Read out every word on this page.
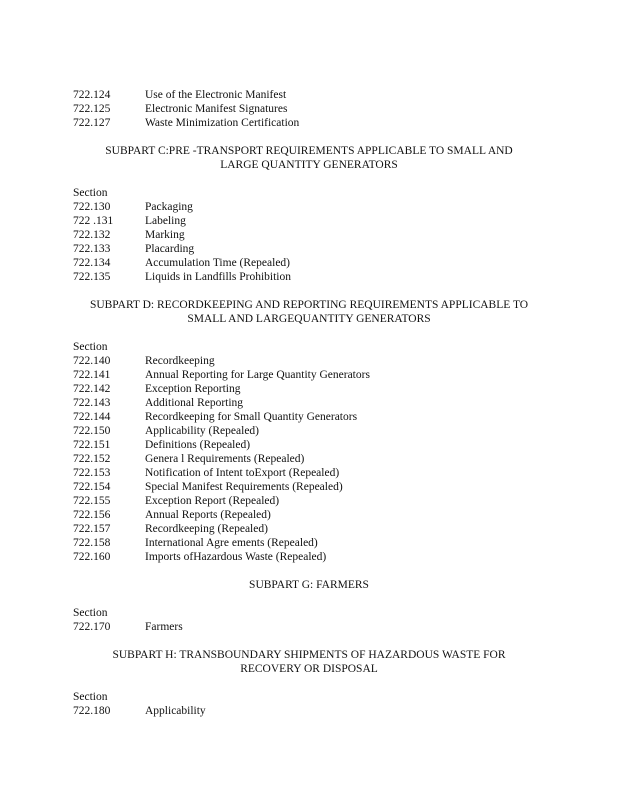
722.124	Use of the Electronic Manifest
722.125	Electronic Manifest Signatures
722.127	Waste Minimization Certification
SUBPART C:PRE -TRANSPORT REQUIREMENTS APPLICABLE TO SMALL AND
LARGE QUANTITY GENERATORS
Section
722.130	Packaging
722 .131	Labeling
722.132	Marking
722.133	Placarding
722.134	Accumulation Time (Repealed)
722.135	Liquids in Landfills Prohibition
SUBPART D: RECORDKEEPING AND REPORTING REQUIREMENTS APPLICABLE TO
SMALL AND LARGEQUANTITY GENERATORS
Section
722.140	Recordkeeping
722.141	Annual Reporting for Large Quantity Generators
722.142	Exception Reporting
722.143	Additional Reporting
722.144	Recordkeeping for Small Quantity Generators
722.150	Applicability (Repealed)
722.151	Definitions (Repealed)
722.152	Genera l Requirements (Repealed)
722.153	Notification of Intent toExport (Repealed)
722.154	Special Manifest Requirements (Repealed)
722.155	Exception Report (Repealed)
722.156	Annual Reports (Repealed)
722.157	Recordkeeping (Repealed)
722.158	International Agre ements (Repealed)
722.160	Imports ofHazardous Waste (Repealed)
SUBPART G: FARMERS
Section
722.170	Farmers
SUBPART H: TRANSBOUNDARY SHIPMENTS OF HAZARDOUS WASTE FOR
RECOVERY OR DISPOSAL
Section
722.180	Applicability
